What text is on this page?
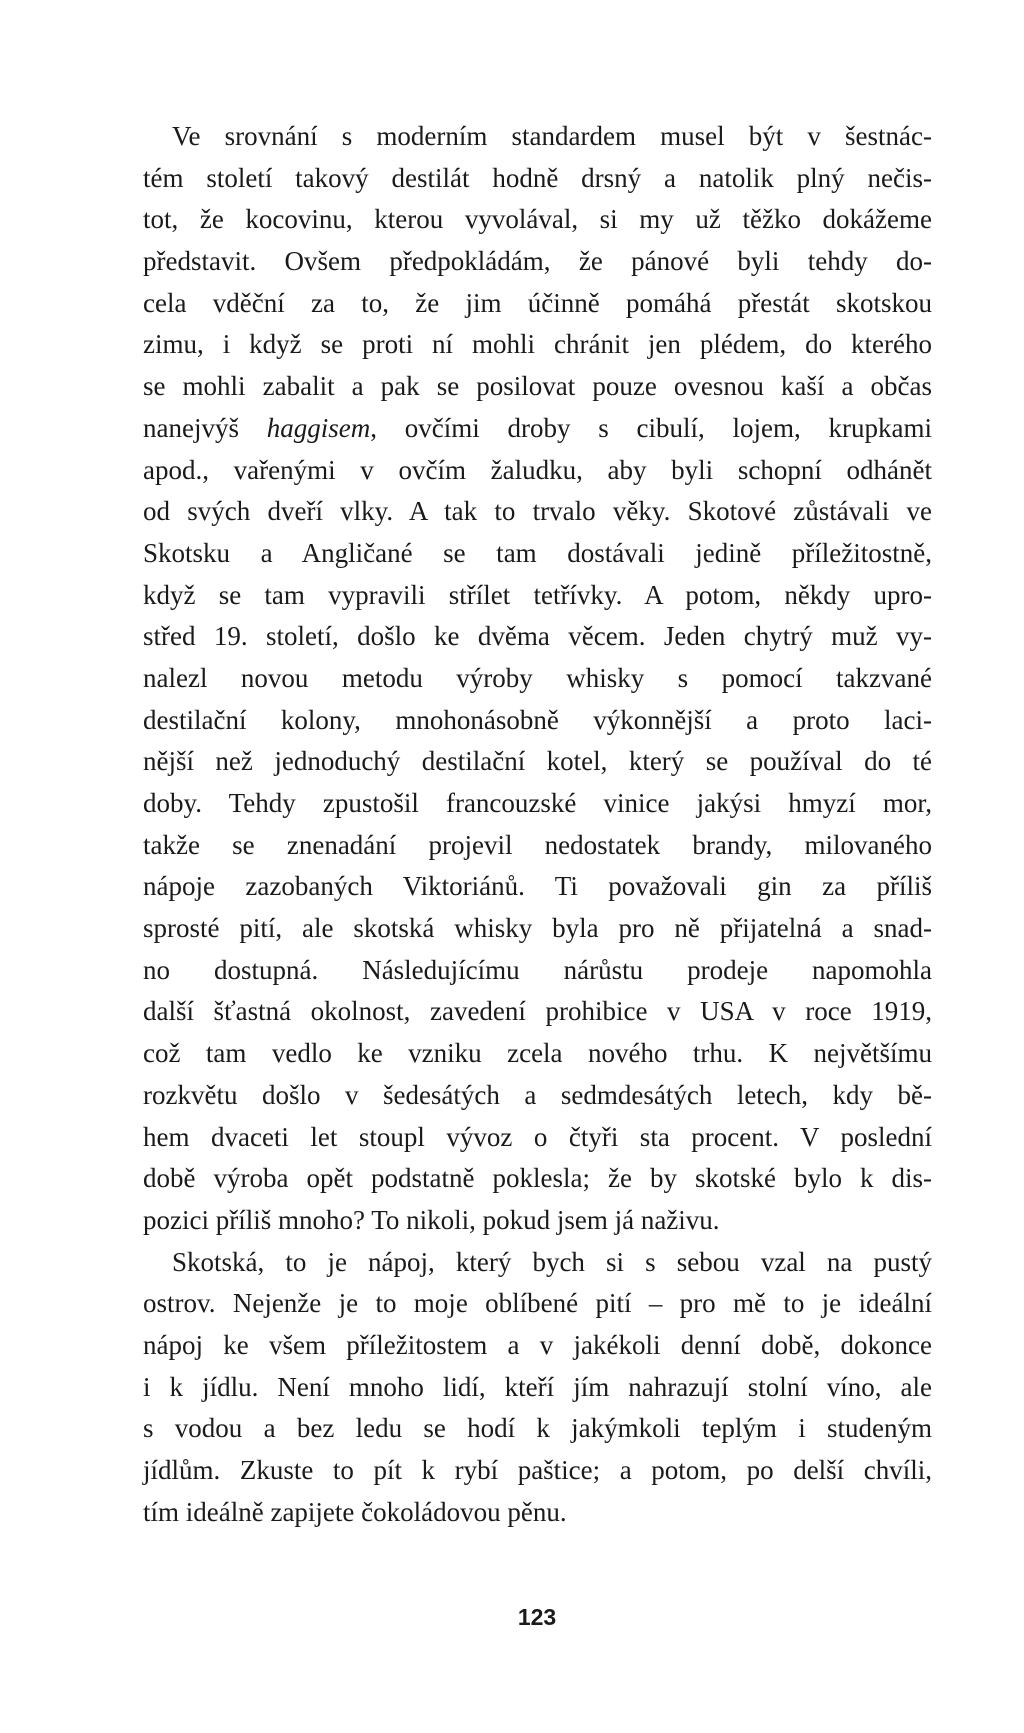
Ve srovnání s moderním standardem musel být v šestnác-
tém století takový destilát hodně drsný a natolik plný nečis-
tot, že kocovinu, kterou vyvolával, si my už těžko dokážeme
představit. Ovšem předpokládám, že pánové byli tehdy do-
cela vděční za to, že jim účinně pomáhá přestát skotskou
zimu, i když se proti ní mohli chránit jen plédem, do kterého
se mohli zabalit a pak se posilovat pouze ovesnou kaší a občas
nanejvýš haggisem, ovčími droby s cibulí, lojem, krupkami
apod., vařenými v ovčím žaludku, aby byli schopní odhánět
od svých dveří vlky. A tak to trvalo věky. Skotové zůstávali ve
Skotsku a Angličané se tam dostávali jedině příležitostně,
když se tam vypravili střílet tetřívky. A potom, někdy upro-
střed 19. století, došlo ke dvěma věcem. Jeden chytrý muž vy-
nalezl novou metodu výroby whisky s pomocí takzvané
destilační kolony, mnohonásobně výkonnější a proto laci-
nější než jednoduchý destilační kotel, který se používal do té
doby. Tehdy zpustošil francouzské vinice jakýsi hmyzí mor,
takže se znenadání projevil nedostatek brandy, milovaného
nápoje zazobaných Viktoriánů. Ti považovali gin za příliš
sprosté pití, ale skotská whisky byla pro ně přijatelná a snad-
no dostupná. Následujícímu nárůstu prodeje napomohla
další šťastná okolnost, zavedení prohibice v USA v roce 1919,
což tam vedlo ke vzniku zcela nového trhu. K největšímu
rozkvětu došlo v šedesátých a sedmdesátých letech, kdy bě-
hem dvaceti let stoupl vývoz o čtyři sta procent. V poslední
době výroba opět podstatně poklesla; že by skotské bylo k dis-
pozici příliš mnoho? To nikoli, pokud jsem já naživu.
Skotská, to je nápoj, který bych si s sebou vzal na pustý
ostrov. Nejenže je to moje oblíbené pití – pro mě to je ideální
nápoj ke všem příležitostem a v jakékoli denní době, dokonce
i k jídlu. Není mnoho lidí, kteří jím nahrazují stolní víno, ale
s vodou a bez ledu se hodí k jakýmkoli teplým i studeným
jídlům. Zkuste to pít k rybí paštice; a potom, po delší chvíli,
tím ideálně zapijete čokoládovou pěnu.
123
